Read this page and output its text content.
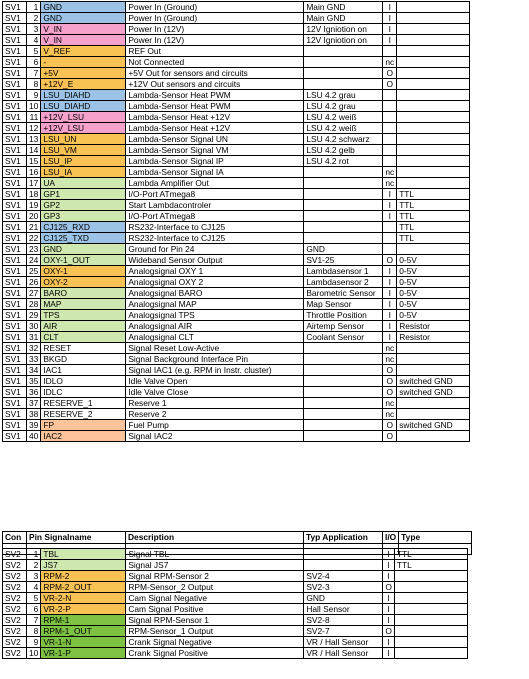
SV1	1	GND	Power In (Ground)	Main GND	I	
SV1	2	GND	Power In (Ground)	Main GND	I	
SV1	3	V_IN	Power In (12V)	12V Igniotion on	I	
SV1	4	V_IN	Power In (12V)	12V Igniotion on	I	
SV1	5	V_REF	REF Out			
SV1	6	-	Not Connected		nc	
SV1	7	+5V	+5V Out for sensors and circuits		O	
SV1	8	+12V_E	+12V Out sensors and circuits		O	
SV1	9	LSU_DIAHD	Lambda-Sensor Heat PWM	LSU 4.2 grau		
SV1	10	LSU_DIAHD	Lambda-Sensor Heat PWM	LSU 4.2 grau		
SV1	11	+12V_LSU	Lambda-Sensor Heat +12V	LSU 4.2 weiß		
SV1	12	+12V_LSU	Lambda-Sensor Heat +12V	LSU 4.2 weiß		
SV1	13	LSU_UN	Lambda-Sensor Signal UN	LSU 4.2 schwarz		
SV1	14	LSU_VM	Lambda-Sensor Signal VM	LSU 4.2 gelb		
SV1	15	LSU_IP	Lambda-Sensor Signal IP	LSU 4.2 rot		
SV1	16	LSU_IA	Lambda-Sensor Signal IA		nc	
SV1	17	UA	Lambda Amplifier Out		nc	
SV1	18	GP1	I/O-Port ATmega8		I	TTL
SV1	19	GP2	Start Lambdacontroler		I	TTL
SV1	20	GP3	I/O-Port ATmega8		I	TTL
SV1	21	CJ125_RXD	RS232-Interface to CJ125			TTL
SV1	22	CJ125_TXD	RS232-Interface to CJ125			TTL
SV1	23	GND	Ground for Pin 24	GND		
SV1	24	OXY-1_OUT	Wideband Sensor Output	SV1-25	O	0-5V
SV1	25	OXY-1	Analogsignal OXY 1	Lambdasensor 1	I	0-5V
SV1	26	OXY-2	Analogsignal OXY 2	Lambdasensor 2	I	0-5V
SV1	27	BARO	Analogsignal BARO	Barometric Sensor	I	0-5V
SV1	28	MAP	Analogsignal MAP	Map Sensor	I	0-5V
SV1	29	TPS	Analogsignal TPS	Throttle Position	I	0-5V
SV1	30	AIR	Analogsignal AIR	Airtemp Sensor	I	Resistor
SV1	31	CLT	Analogsignal CLT	Coolant Sensor	I	Resistor
SV1	32	RESET	Signal Reset Low-Active		nc	
SV1	33	BKGD	Signal Background Interface Pin		nc	
SV1	34	IAC1	Signal IAC1 (e.g. RPM in Instr. cluster)		O	
SV1	35	IDLO	Idle Valve Open		O	switched GND
SV1	36	IDLC	Idle Valve Close		O	switched GND
SV1	37	RESERVE_1	Reserve 1		nc	
SV1	38	RESERVE_2	Reserve 2		nc	
SV1	39	FP	Fuel Pump		O	switched GND
SV1	40	IAC2	Signal IAC2		O	
Con	Pin Signalname	Description	Typ Application	I/O	Type

SV2	1	TBL	Signal TBL		I	TTL
SV2	2	JS7	Signal JS7		I	TTL
SV2	3	RPM-2	Signal RPM-Sensor 2	SV2-4	I	
SV2	4	RPM-2_OUT	RPM-Sensor_2 Output	SV2-3	O	
SV2	5	VR-2-N	Cam Signal Negative	GND	I	
SV2	6	VR-2-P	Cam Signal Positive	Hall Sensor	I	
SV2	7	RPM-1	Signal RPM-Sensor 1	SV2-8	I	
SV2	8	RPM-1_OUT	RPM-Sensor_1 Output	SV2-7	O	
SV2	9	VR-1-N	Crank Signal Negative	VR / Hall Sensor	I	
SV2	10	VR-1-P	Crank Signal Positive	VR / Hall Sensor	I	
